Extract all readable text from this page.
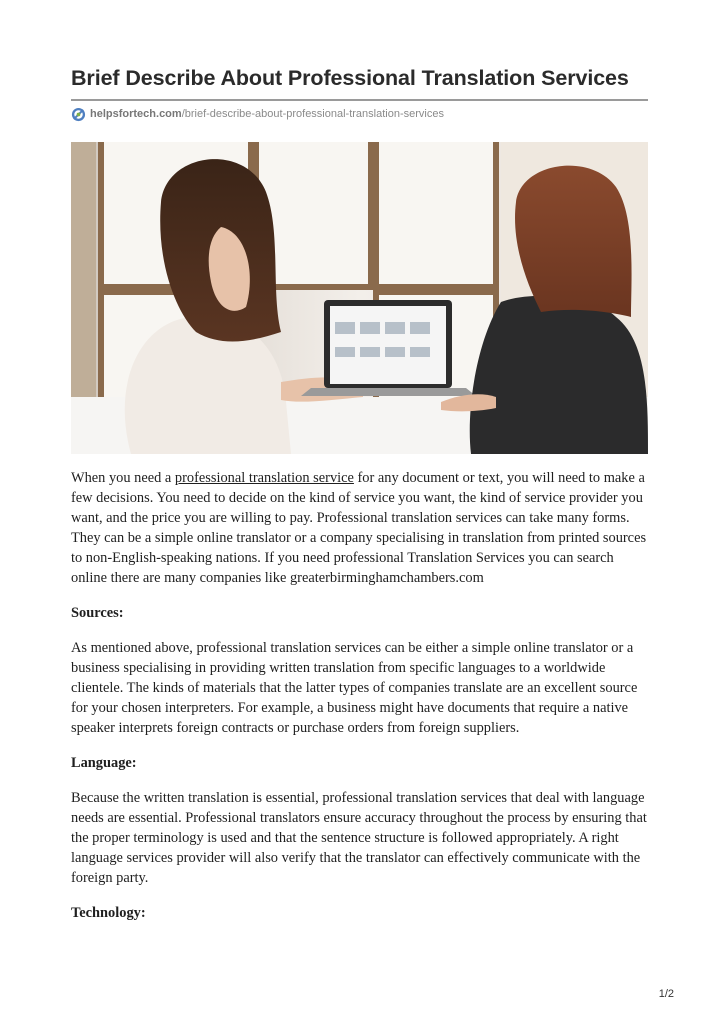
Brief Describe About Professional Translation Services
helpsfortech.com /brief-describe-about-professional-translation-services

When you need a professional translation service for any document or text, you will need to make a few decisions. You need to decide on the kind of service you want, the kind of service provider you want, and the price you are willing to pay. Professional translation services can take many forms. They can be a simple online translator or a company specialising in translation from printed sources to non-English-speaking nations. If you need professional Translation Services you can search online there are many companies like greaterbirminghamchambers.com

Sources:

As mentioned above, professional translation services can be either a simple online translator or a business specialising in providing written translation from specific languages to a worldwide clientele. The kinds of materials that the latter types of companies translate are an excellent source for your chosen interpreters. For example, a business might have documents that require a native speaker interprets foreign contracts or purchase orders from foreign suppliers.

Language:

Because the written translation is essential, professional translation services that deal with language needs are essential. Professional translators ensure accuracy throughout the process by ensuring that the proper terminology is used and that the sentence structure is followed appropriately. A right language services provider will also verify that the translator can effectively communicate with the foreign party.

Technology:
1/2
